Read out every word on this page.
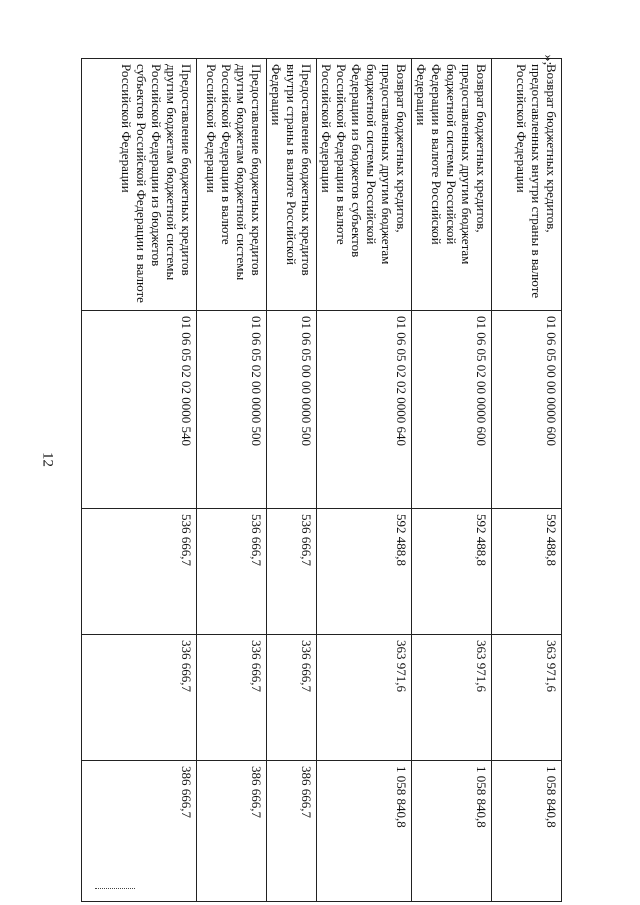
12
Возврат бюджетных кредитов, предоставленных внутри страны в валюте Российской Федерации	01 06 05 00 00 0000 600	592 488,8	363 971,6	1 058 840,8
Возврат бюджетных кредитов, предоставленных другим бюджетам бюджетной системы Российской Федерации в валюте Российской Федерации	01 06 05 02 00 0000 600	592 488,8	363 971,6	1 058 840,8
Возврат бюджетных кредитов, предоставленных другим бюджетам бюджетной системы Российской Федерации из бюджетов субъектов Российской Федерации в валюте Российской Федерации	01 06 05 02 02 0000 640	592 488,8	363 971,6	1 058 840,8
Предоставление бюджетных кредитов внутри страны в валюте Российской Федерации	01 06 05 00 00 0000 500	536 666,7	336 666,7	386 666,7
Предоставление бюджетных кредитов другим бюджетам бюджетной системы Российской Федерации в валюте Российской Федерации	01 06 05 02 00 0000 500	536 666,7	336 666,7	386 666,7
Предоставление бюджетных кредитов другим бюджетам бюджетной системы Российской Федерации из бюджетов субъектов Российской Федерации в валюте Российской Федерации	01 06 05 02 02 0000 540	536 666,7	336 666,7	386 666,7
»;
